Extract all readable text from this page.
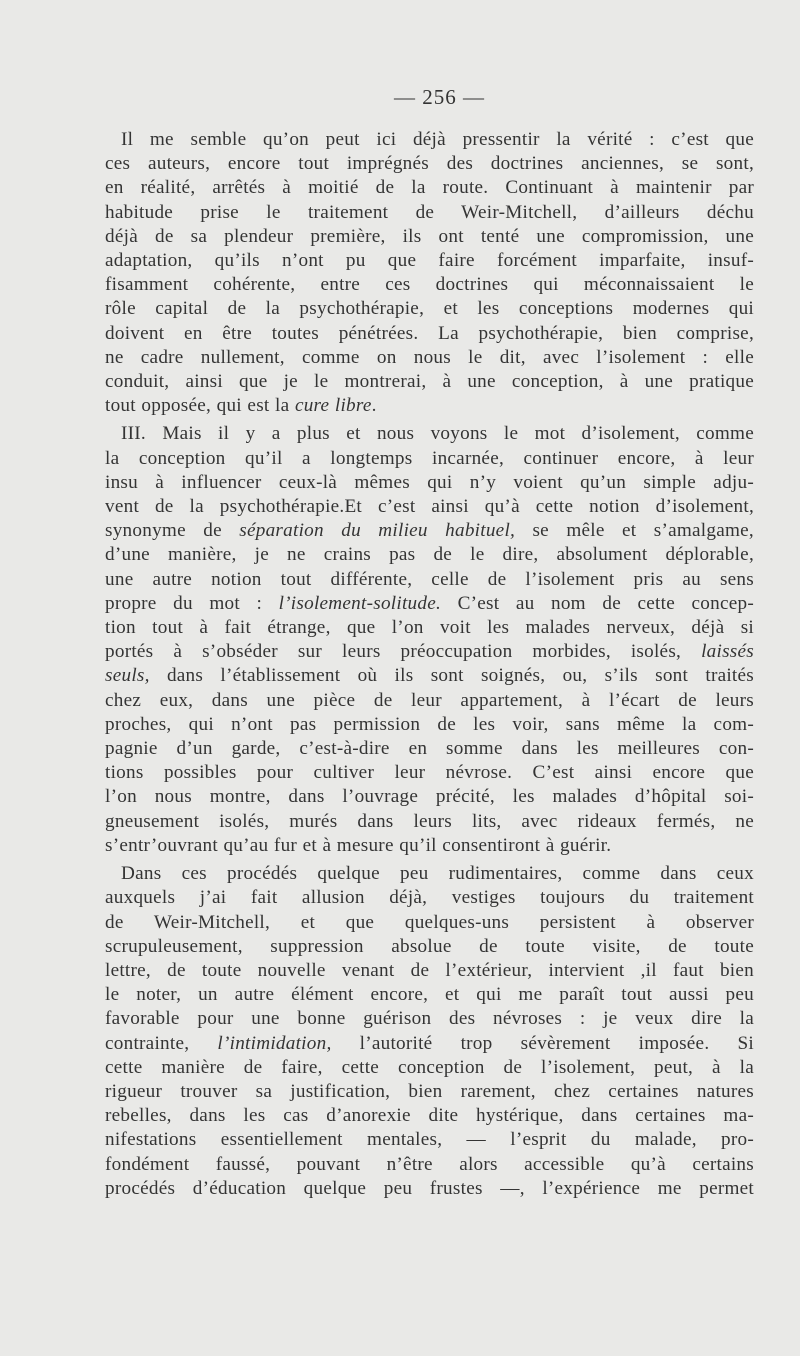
— 256 —
Il me semble qu’on peut ici déjà pressentir la vérité : c’est que
ces auteurs, encore tout imprégnés des doctrines anciennes, se sont,
en réalité, arrêtés à moitié de la route. Continuant à maintenir par
habitude prise le traitement de Weir-Mitchell, d’ailleurs déchu
déjà de sa plendeur première, ils ont tenté une compromission, une
adaptation, qu’ils n’ont pu que faire forcément imparfaite, insuf-
fisamment cohérente, entre ces doctrines qui méconnaissaient le
rôle capital de la psychothérapie, et les conceptions modernes qui
doivent en être toutes pénétrées. La psychothérapie, bien comprise,
ne cadre nullement, comme on nous le dit, avec l’isolement : elle
conduit, ainsi que je le montrerai, à une conception, à une pratique
tout opposée, qui est la cure libre.
III. Mais il y a plus et nous voyons le mot d’isolement, comme
la conception qu’il a longtemps incarnée, continuer encore, à leur
insu à influencer ceux-là mêmes qui n’y voient qu’un simple adju-
vent de la psychothérapie.Et c’est ainsi qu’à cette notion d’isolement,
synonyme de séparation du milieu habituel, se mêle et s’amalgame,
d’une manière, je ne crains pas de le dire, absolument déplorable,
une autre notion tout différente, celle de l’isolement pris au sens
propre du mot : l’isolement-solitude. C’est au nom de cette concep-
tion tout à fait étrange, que l’on voit les malades nerveux, déjà si
portés à s’obséder sur leurs préoccupation morbides, isolés, laissés
seuls, dans l’établissement où ils sont soignés, ou, s’ils sont traités
chez eux, dans une pièce de leur appartement, à l’écart de leurs
proches, qui n’ont pas permission de les voir, sans même la com-
pagnie d’un garde, c’est-à-dire en somme dans les meilleures con-
tions possibles pour cultiver leur névrose. C’est ainsi encore que
l’on nous montre, dans l’ouvrage précité, les malades d’hôpital soi-
gneusement isolés, murés dans leurs lits, avec rideaux fermés, ne
s’entr’ouvrant qu’au fur et à mesure qu’il consentiront à guérir.
Dans ces procédés quelque peu rudimentaires, comme dans ceux
auxquels j’ai fait allusion déjà, vestiges toujours du traitement
de Weir-Mitchell, et que quelques-uns persistent à observer
scrupuleusement, suppression absolue de toute visite, de toute
lettre, de toute nouvelle venant de l’extérieur, intervient ,il faut bien
le noter, un autre élément encore, et qui me paraît tout aussi peu
favorable pour une bonne guérison des névroses : je veux dire la
contrainte, l’intimidation, l’autorité trop sévèrement imposée. Si
cette manière de faire, cette conception de l’isolement, peut, à la
rigueur trouver sa justification, bien rarement, chez certaines natures
rebelles, dans les cas d’anorexie dite hystérique, dans certaines ma-
nifestations essentiellement mentales, — l’esprit du malade, pro-
fondément faussé, pouvant n’être alors accessible qu’à certains
procédés d’éducation quelque peu frustes —, l’expérience me permet
